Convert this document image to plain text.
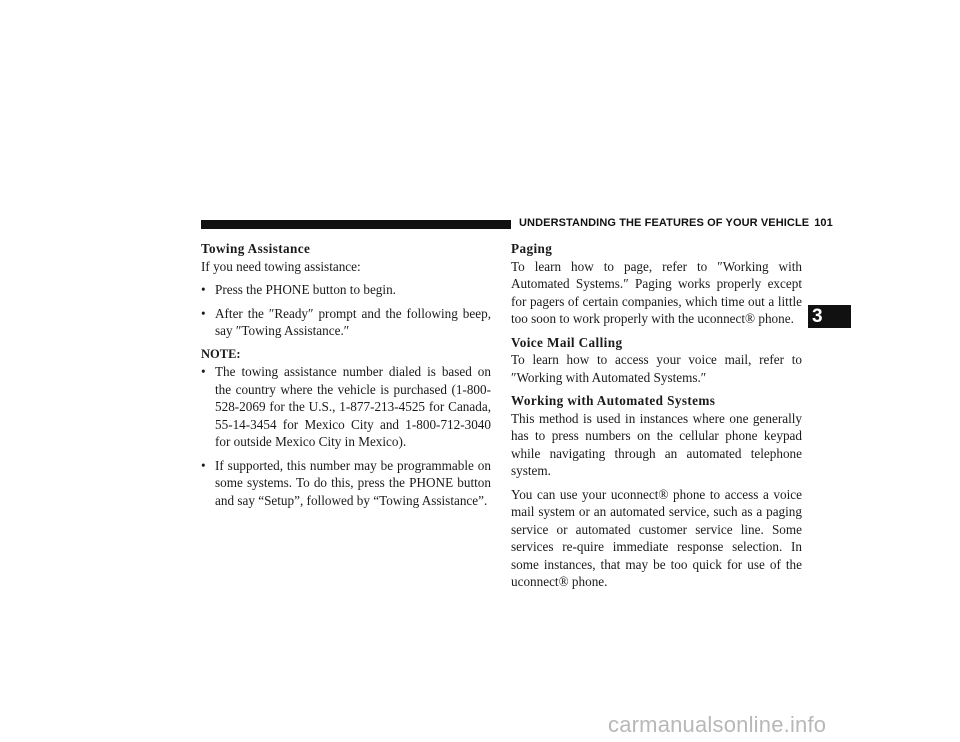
UNDERSTANDING THE FEATURES OF YOUR VEHICLE 101
3

Towing Assistance

If you need towing assistance:

• Press the PHONE button to begin.
• After the ″Ready″ prompt and the following beep, say ″Towing Assistance.″

NOTE:

• The towing assistance number dialed is based on the country where the vehicle is purchased (1-800-528-2069 for the U.S., 1-877-213-4525 for Canada, 55-14-3454 for Mexico City and 1-800-712-3040 for outside Mexico City in Mexico).
• If supported, this number may be programmable on some systems. To do this, press the PHONE button and say “Setup”, followed by “Towing Assistance”.

Paging

To learn how to page, refer to ″Working with Automated Systems.″ Paging works properly except for pagers of certain companies, which time out a little too soon to work properly with the uconnect® phone.

Voice Mail Calling

To learn how to access your voice mail, refer to ″Working with Automated Systems.″

Working with Automated Systems

This method is used in instances where one generally has to press numbers on the cellular phone keypad while navigating through an automated telephone system.

You can use your uconnect® phone to access a voice mail system or an automated service, such as a paging service or automated customer service line. Some services re-quire immediate response selection. In some instances, that may be too quick for use of the uconnect® phone.

carmanualsonline.info
